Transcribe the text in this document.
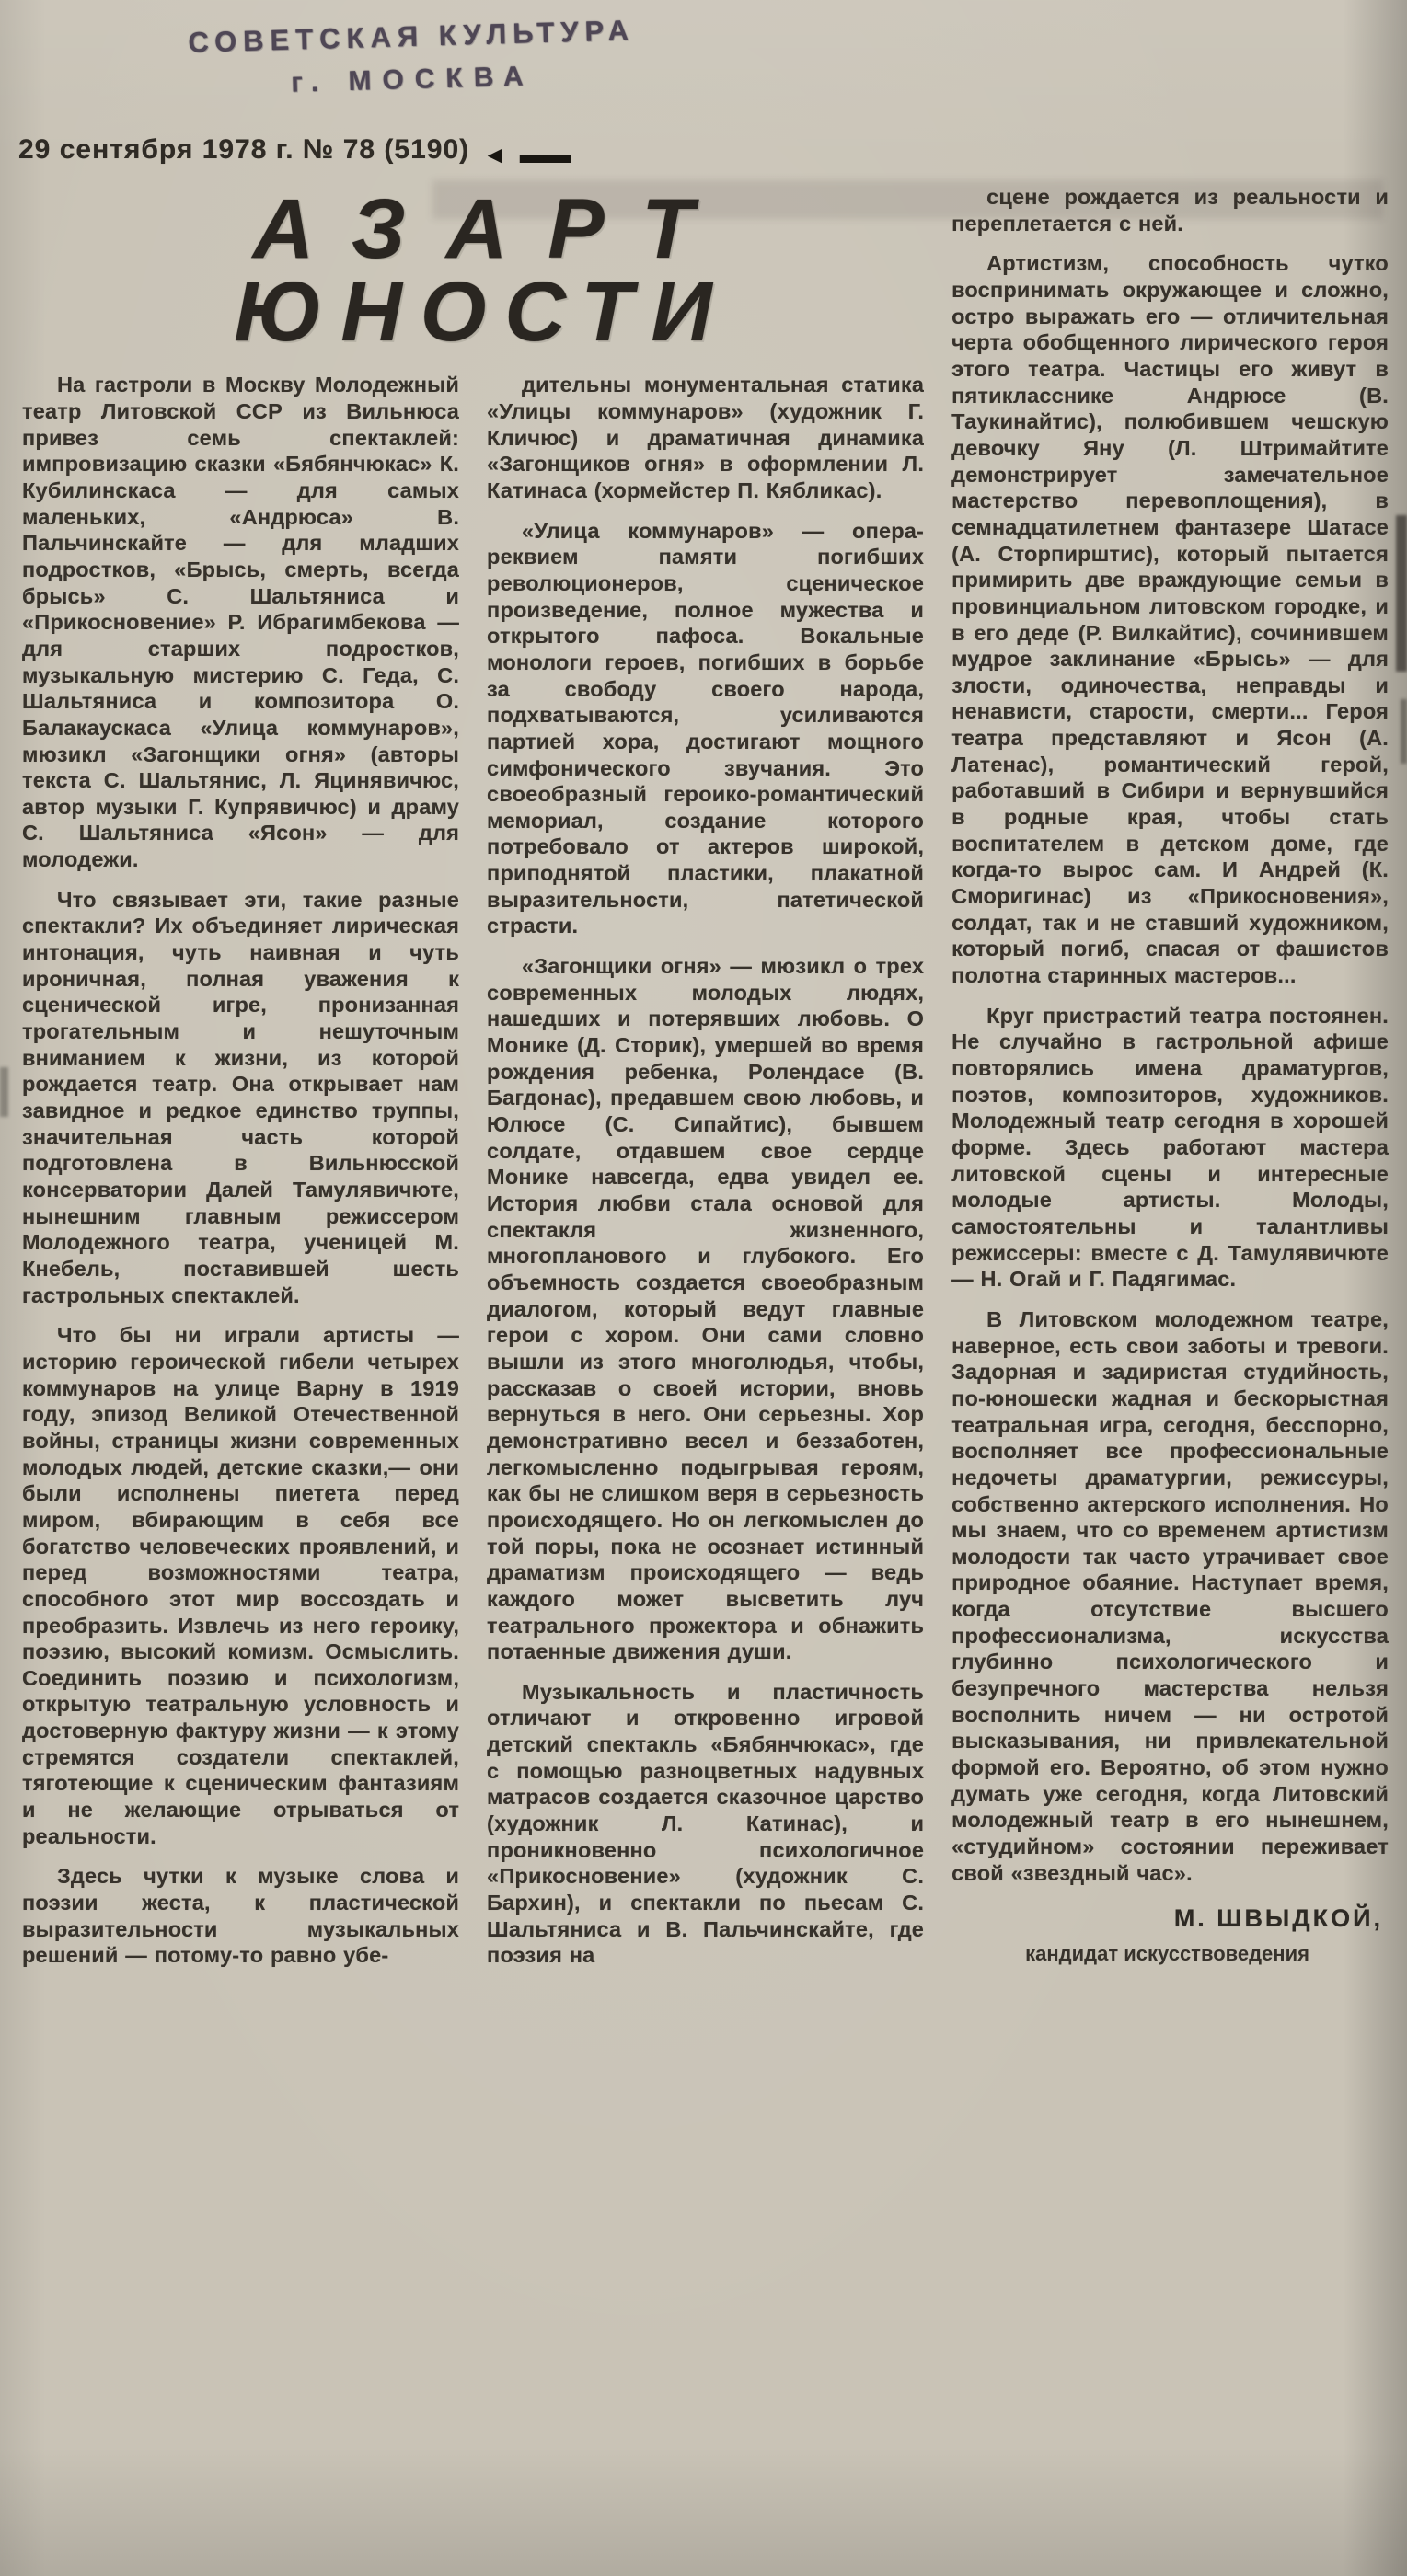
СОВЕТСКАЯ КУЛЬТУРА
г. МОСКВА
29 сентября 1978 г. № 78 (5190) ◄ ▬▬
АЗАРТ
ЮНОСТИ

На гастроли в Москву Молодежный театр Литовской ССР из Вильнюса привез семь спектаклей: импровизацию сказки «Бябянчюкас» К. Кубилинскаса — для самых маленьких, «Андрюса» В. Пальчинскайте — для младших подростков, «Брысь, смерть, всегда брысь» С. Шальтяниса и «Прикосновение» Р. Ибрагимбекова — для старших подростков, музыкальную мистерию С. Геда, С. Шальтяниса и композитора О. Балакаускаса «Улица коммунаров», мюзикл «Загонщики огня» (авторы текста С. Шальтянис, Л. Яцинявичюс, автор музыки Г. Купрявичюс) и драму С. Шальтяниса «Ясон» — для молодежи.

Что связывает эти, такие разные спектакли? Их объединяет лирическая интонация, чуть наивная и чуть ироничная, полная уважения к сценической игре, пронизанная трогательным и нешуточным вниманием к жизни, из которой рождается театр. Она открывает нам завидное и редкое единство труппы, значительная часть которой подготовлена в Вильнюсской консерватории Далей Тамулявичюте, нынешним главным режиссером Молодежного театра, ученицей М. Кнебель, поставившей шесть гастрольных спектаклей.

Что бы ни играли артисты — историю героической гибели четырех коммунаров на улице Варну в 1919 году, эпизод Великой Отечественной войны, страницы жизни современных молодых людей, детские сказки,— они были исполнены пиетета перед миром, вбирающим в себя все богатство человеческих проявлений, и перед возможностями театра, способного этот мир воссоздать и преобразить. Извлечь из него героику, поэзию, высокий комизм. Осмыслить. Соединить поэзию и психологизм, открытую театральную условность и достоверную фактуру жизни — к этому стремятся создатели спектаклей, тяготеющие к сценическим фантазиям и не желающие отрываться от реальности.

Здесь чутки к музыке слова и поэзии жеста, к пластической выразительности музыкальных решений — потому-то равно убе-

дительны монументальная статика «Улицы коммунаров» (художник Г. Кличюс) и драматичная динамика «Загонщиков огня» в оформлении Л. Катинаса (хормейстер П. Кябликас).

«Улица коммунаров» — опера-реквием памяти погибших революционеров, сценическое произведение, полное мужества и открытого пафоса. Вокальные монологи героев, погибших в борьбе за свободу своего народа, подхватываются, усиливаются партией хора, достигают мощного симфонического звучания. Это своеобразный героико-романтический мемориал, создание которого потребовало от актеров широкой, приподнятой пластики, плакатной выразительности, патетической страсти.

«Загонщики огня» — мюзикл о трех современных молодых людях, нашедших и потерявших любовь. О Монике (Д. Сторик), умершей во время рождения ребенка, Ролендасе (В. Багдонас), предавшем свою любовь, и Юлюсе (С. Сипайтис), бывшем солдате, отдавшем свое сердце Монике навсегда, едва увидел ее. История любви стала основой для спектакля жизненного, многопланового и глубокого. Его объемность создается своеобразным диалогом, который ведут главные герои с хором. Они сами словно вышли из этого многолюдья, чтобы, рассказав о своей истории, вновь вернуться в него. Они серьезны. Хор демонстративно весел и беззаботен, легкомысленно подыгрывая героям, как бы не слишком веря в серьезность происходящего. Но он легкомыслен до той поры, пока не осознает истинный драматизм происходящего — ведь каждого может высветить луч театрального прожектора и обнажить потаенные движения души.

Музыкальность и пластичность отличают и откровенно игровой детский спектакль «Бябянчюкас», где с помощью разноцветных надувных матрасов создается сказочное царство (художник Л. Катинас), и проникновенно психологичное «Прикосновение» (художник С. Бархин), и спектакли по пьесам С. Шальтяниса и В. Пальчинскайте, где поэзия на

сцене рождается из реальности и переплетается с ней.

Артистизм, способность чутко воспринимать окружающее и сложно, остро выражать его — отличительная черта обобщенного лирического героя этого театра. Частицы его живут в пятикласснике Андрюсе (В. Таукинайтис), полюбившем чешскую девочку Яну (Л. Штримайтите демонстрирует замечательное мастерство перевоплощения), в семнадцатилетнем фантазере Шатасе (А. Сторпирштис), который пытается примирить две враждующие семьи в провинциальном литовском городке, и в его деде (Р. Вилкайтис), сочинившем мудрое заклинание «Брысь» — для злости, одиночества, неправды и ненависти, старости, смерти... Героя театра представляют и Ясон (А. Латенас), романтический герой, работавший в Сибири и вернувшийся в родные края, чтобы стать воспитателем в детском доме, где когда-то вырос сам. И Андрей (К. Сморигинас) из «Прикосновения», солдат, так и не ставший художником, который погиб, спасая от фашистов полотна старинных мастеров...

Круг пристрастий театра постоянен. Не случайно в гастрольной афише повторялись имена драматургов, поэтов, композиторов, художников. Молодежный театр сегодня в хорошей форме. Здесь работают мастера литовской сцены и интересные молодые артисты. Молоды, самостоятельны и талантливы режиссеры: вместе с Д. Тамулявичюте — Н. Огай и Г. Падягимас.

В Литовском молодежном театре, наверное, есть свои заботы и тревоги. Задорная и задиристая студийность, по-юношески жадная и бескорыстная театральная игра, сегодня, бесспорно, восполняет все профессиональные недочеты драматургии, режиссуры, собственно актерского исполнения. Но мы знаем, что со временем артистизм молодости так часто утрачивает свое природное обаяние. Наступает время, когда отсутствие высшего профессионализма, искусства глубинно психологического и безупречного мастерства нельзя восполнить ничем — ни остротой высказывания, ни привлекательной формой его. Вероятно, об этом нужно думать уже сегодня, когда Литовский молодежный театр в его нынешнем, «студийном» состоянии переживает свой «звездный час».

М. ШВЫДКОЙ,
кандидат искусствоведения
